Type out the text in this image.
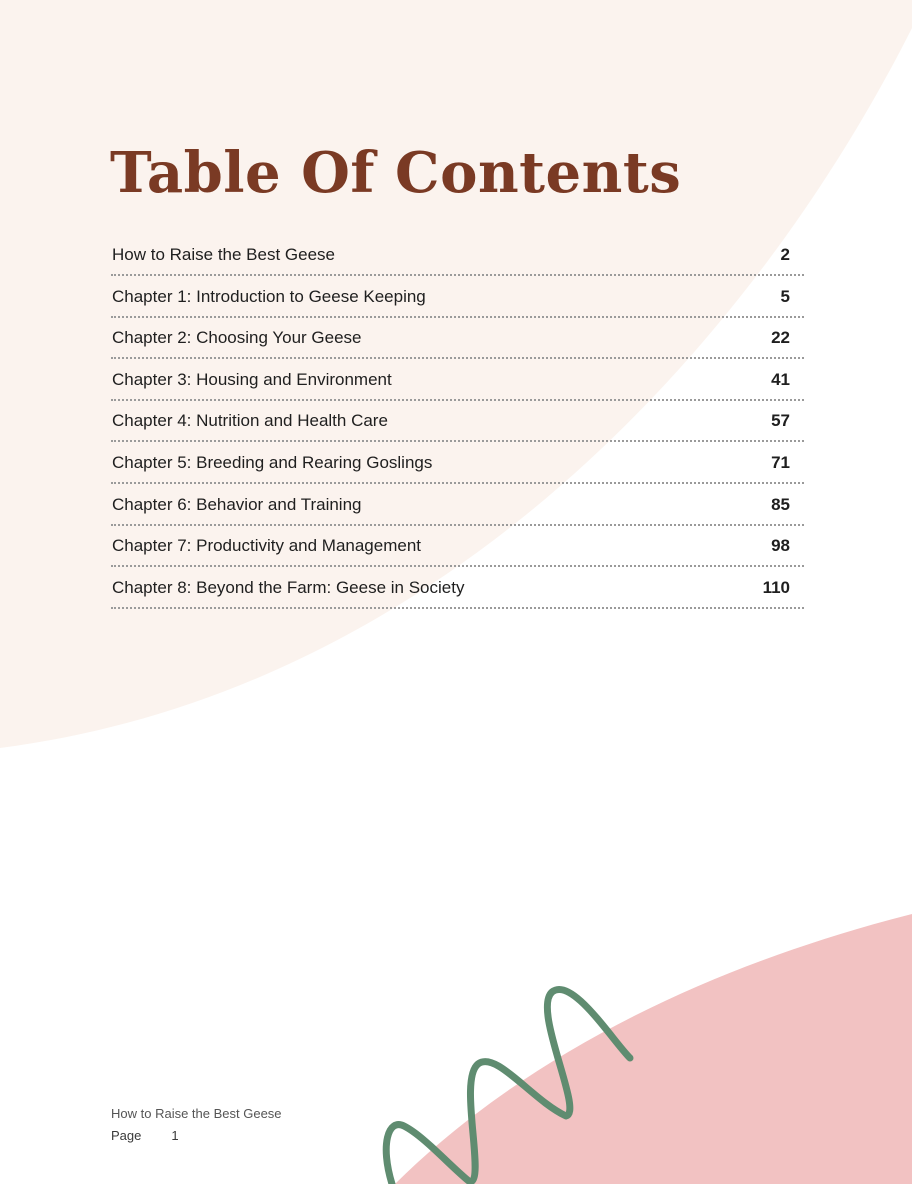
Table Of Contents
How to Raise the Best Geese	2
Chapter 1: Introduction to Geese Keeping	5
Chapter 2: Choosing Your Geese	22
Chapter 3: Housing and Environment	41
Chapter 4: Nutrition and Health Care	57
Chapter 5: Breeding and Rearing Goslings	71
Chapter 6: Behavior and Training	85
Chapter 7: Productivity and Management	98
Chapter 8: Beyond the Farm: Geese in Society	110
How to Raise the Best Geese
Page 1
